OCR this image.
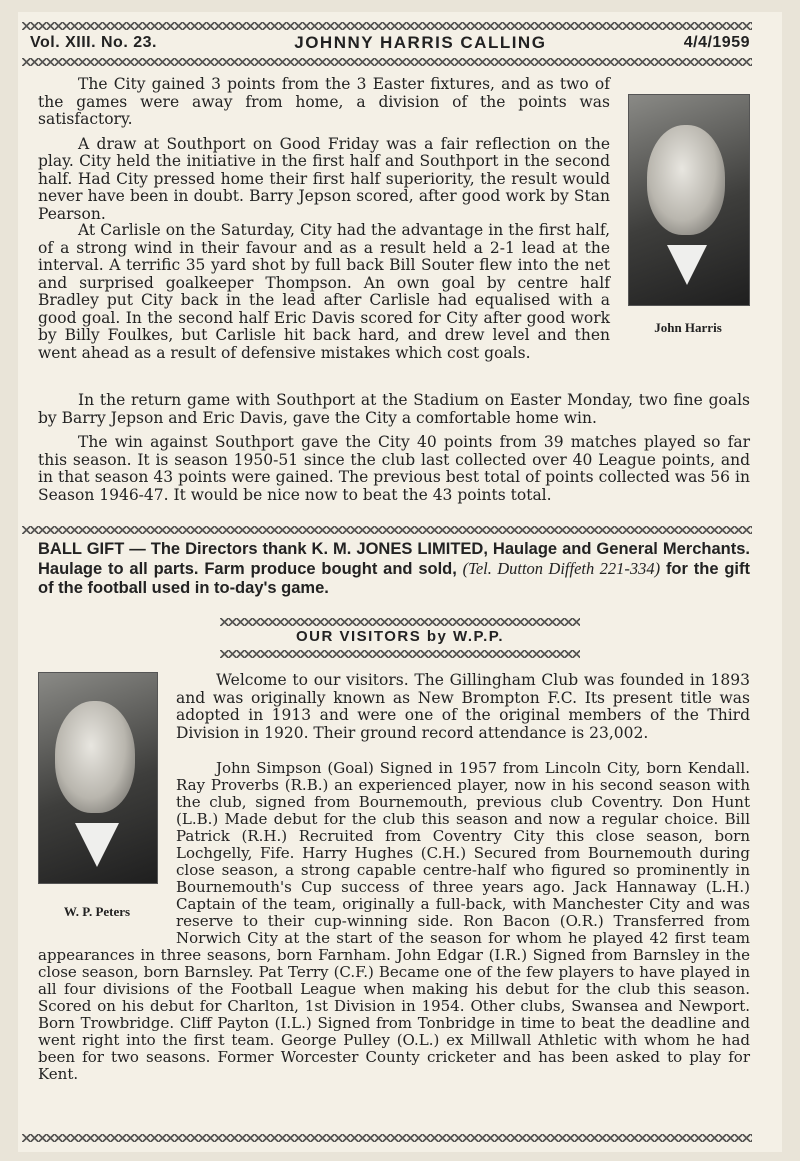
Vol. XIII. No. 23.	JOHNNY HARRIS CALLING	4/4/1959

The City gained 3 points from the 3 Easter fixtures, and as two of the games were away from home, a division of the points was satisfactory.

A draw at Southport on Good Friday was a fair reflection on the play. City held the initiative in the first half and Southport in the second half. Had City pressed home their first half superiority, the result would never have been in doubt. Barry Jepson scored, after good work by Stan Pearson.

John Harris

At Carlisle on the Saturday, City had the advantage in the first half, of a strong wind in their favour and as a result held a 2-1 lead at the interval. A terrific 35 yard shot by full back Bill Souter flew into the net and surprised goalkeeper Thompson. An own goal by centre half Bradley put City back in the lead after Carlisle had equalised with a good goal. In the second half Eric Davis scored for City after good work by Billy Foulkes, but Carlisle hit back hard, and drew level and then went ahead as a result of defensive mistakes which cost goals.

In the return game with Southport at the Stadium on Easter Monday, two fine goals by Barry Jepson and Eric Davis, gave the City a comfortable home win.

The win against Southport gave the City 40 points from 39 matches played so far this season. It is season 1950-51 since the club last collected over 40 League points, and in that season 43 points were gained. The previous best total of points collected was 56 in Season 1946-47. It would be nice now to beat the 43 points total.

BALL GIFT — The Directors thank K. M. JONES LIMITED, Haulage and General Merchants. Haulage to all parts. Farm produce bought and sold, (Tel. Dutton Diffeth 221-334) for the gift of the football used in to-day's game.
OUR VISITORS by W.P.P.
W. P. Peters

Welcome to our visitors. The Gillingham Club was founded in 1893 and was originally known as New Brompton F.C. Its present title was adopted in 1913 and were one of the original members of the Third Division in 1920. Their ground record attendance is 23,002.

John Simpson (Goal) Signed in 1957 from Lincoln City, born Kendall. Ray Proverbs (R.B.) an experienced player, now in his second season with the club, signed from Bournemouth, previous club Coventry. Don Hunt (L.B.) Made debut for the club this season and now a regular choice. Bill Patrick (R.H.) Recruited from Coventry City this close season, born Lochgelly, Fife. Harry Hughes (C.H.) Secured from Bournemouth during close season, a strong capable centre-half who figured so prominently in Bournemouth's Cup success of three years ago. Jack Hannaway (L.H.) Captain of the team, originally a full-back, with Manchester City and was reserve to their cup-winning side. Ron Bacon (O.R.) Transferred from Norwich City at the start of the season for whom he played 42 first team appearances in three seasons, born Farnham. John Edgar (I.R.) Signed from Barnsley in the close season, born Barnsley. Pat Terry (C.F.) Became one of the few players to have played in all four divisions of the Football League when making his debut for the club this season. Scored on his debut for Charlton, 1st Division in 1954. Other clubs, Swansea and Newport. Born Trowbridge. Cliff Payton (I.L.) Signed from Tonbridge in time to beat the deadline and went right into the first team. George Pulley (O.L.) ex Millwall Athletic with whom he had been for two seasons. Former Worcester County cricketer and has been asked to play for Kent.
